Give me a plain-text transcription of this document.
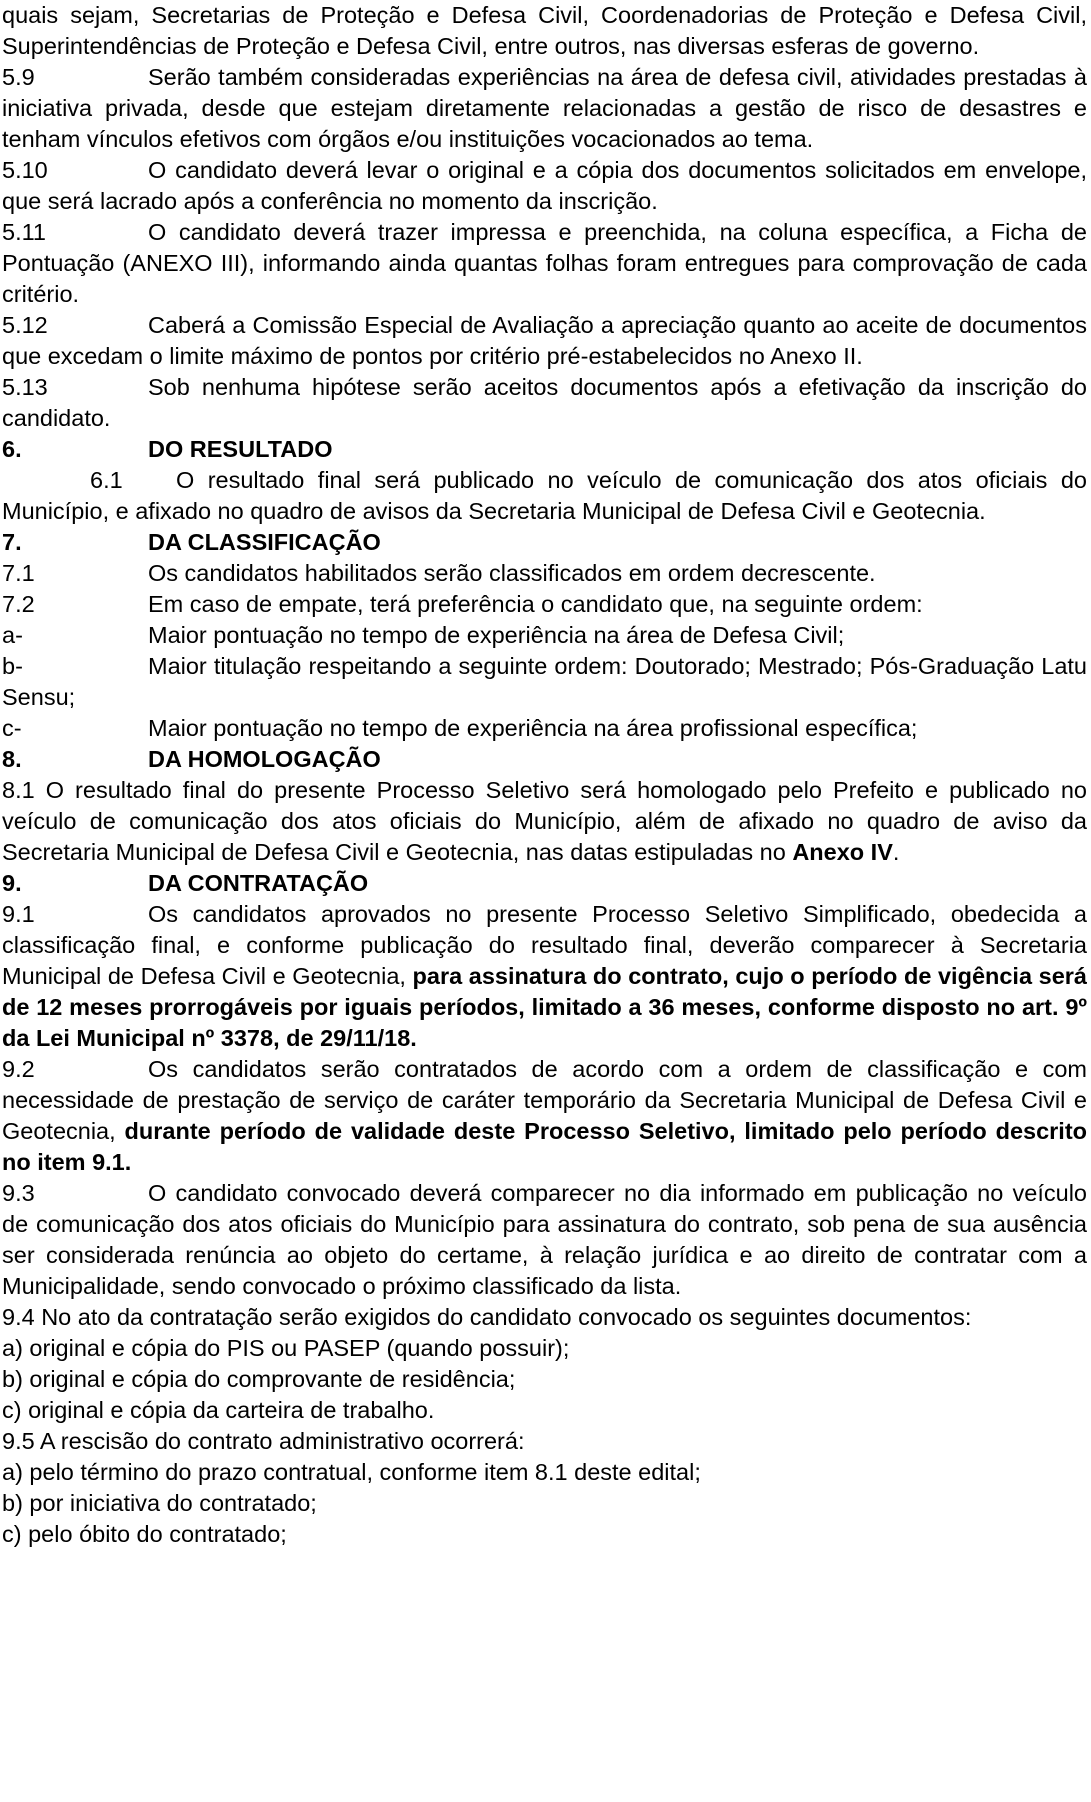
quais sejam, Secretarias de Proteção e Defesa Civil, Coordenadorias de Proteção e Defesa Civil, Superintendências de Proteção e Defesa Civil, entre outros, nas diversas esferas de governo.

5.9	Serão também consideradas experiências na área de defesa civil, atividades prestadas à iniciativa privada, desde que estejam diretamente relacionadas a gestão de risco de desastres e tenham vínculos efetivos com órgãos e/ou instituições vocacionados ao tema.

5.10	O candidato deverá levar o original e a cópia dos documentos solicitados em envelope, que será lacrado após a conferência no momento da inscrição.

5.11	O candidato deverá trazer impressa e preenchida, na coluna específica, a Ficha de Pontuação (ANEXO III), informando ainda quantas folhas foram entregues para comprovação de cada critério.

5.12	Caberá a Comissão Especial de Avaliação a apreciação quanto ao aceite de documentos que excedam o limite máximo de pontos por critério pré-estabelecidos no Anexo II.

5.13	Sob nenhuma hipótese serão aceitos documentos após a efetivação da inscrição do candidato.

6.	DO RESULTADO

6.1 O resultado final será publicado no veículo de comunicação dos atos oficiais do Município, e afixado no quadro de avisos da Secretaria Municipal de Defesa Civil e Geotecnia.

7.	DA CLASSIFICAÇÃO

7.1	Os candidatos habilitados serão classificados em ordem decrescente.

7.2	Em caso de empate, terá preferência o candidato que, na seguinte ordem:

a-	Maior pontuação no tempo de experiência na área de Defesa Civil;

b-	Maior titulação respeitando a seguinte ordem: Doutorado; Mestrado; Pós-Graduação Latu Sensu;

c-	Maior pontuação no tempo de experiência na área profissional específica;

8.	DA HOMOLOGAÇÃO

8.1 O resultado final do presente Processo Seletivo será homologado pelo Prefeito e publicado no veículo de comunicação dos atos oficiais do Município, além de afixado no quadro de aviso da Secretaria Municipal de Defesa Civil e Geotecnia, nas datas estipuladas no Anexo IV.

9.	DA CONTRATAÇÃO

9.1	Os candidatos aprovados no presente Processo Seletivo Simplificado, obedecida a classificação final, e conforme publicação do resultado final, deverão comparecer à Secretaria Municipal de Defesa Civil e Geotecnia, para assinatura do contrato, cujo o período de vigência será de 12 meses prorrogáveis por iguais períodos, limitado a 36 meses, conforme disposto no art. 9º da Lei Municipal nº 3378, de 29/11/18.

9.2	Os candidatos serão contratados de acordo com a ordem de classificação e com necessidade de prestação de serviço de caráter temporário da Secretaria Municipal de Defesa Civil e Geotecnia, durante período de validade deste Processo Seletivo, limitado pelo período descrito no item 9.1.

9.3	O candidato convocado deverá comparecer no dia informado em publicação no veículo de comunicação dos atos oficiais do Município para assinatura do contrato, sob pena de sua ausência ser considerada renúncia ao objeto do certame, à relação jurídica e ao direito de contratar com a Municipalidade, sendo convocado o próximo classificado da lista.

9.4 No ato da contratação serão exigidos do candidato convocado os seguintes documentos:

a) original e cópia do PIS ou PASEP (quando possuir);

b) original e cópia do comprovante de residência;

c) original e cópia da carteira de trabalho.

9.5 A rescisão do contrato administrativo ocorrerá:

a) pelo término do prazo contratual, conforme item 8.1 deste edital;

b) por iniciativa do contratado;

c) pelo óbito do contratado;
